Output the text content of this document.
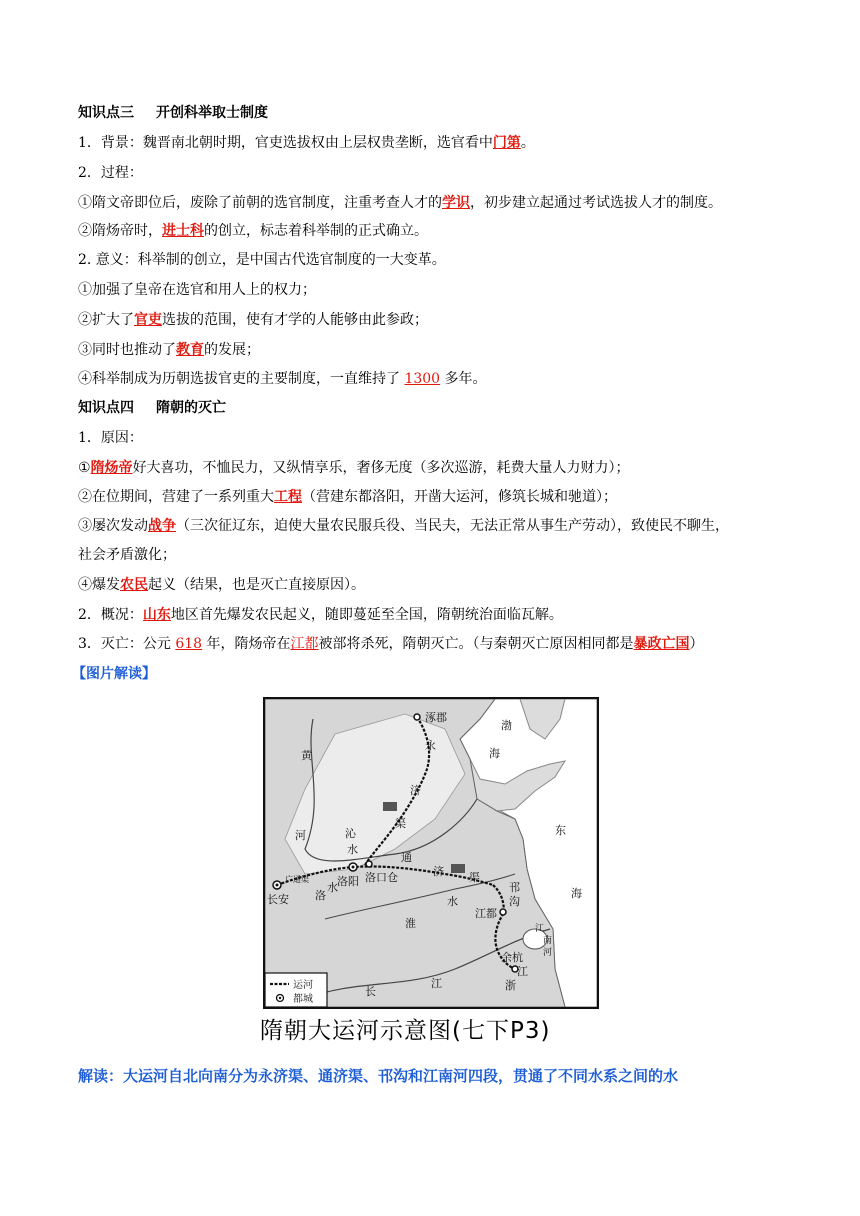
知识点三 开创科举取士制度
1．背景：魏晋南北朝时期，官吏选拔权由上层权贵垄断，选官看中门第。
2．过程：
①隋文帝即位后，废除了前朝的选官制度，注重考查人才的学识，初步建立起通过考试选拔人才的制度。
②隋炀帝时，进士科的创立，标志着科举制的正式确立。
2. 意义：科举制的创立，是中国古代选官制度的一大变革。
①加强了皇帝在选官和用人上的权力；
②扩大了官吏选拔的范围，使有才学的人能够由此参政；
③同时也推动了教育的发展；
④科举制成为历朝选拔官吏的主要制度，一直维持了 1300 多年。
知识点四 隋朝的灭亡
1．原因：
①隋炀帝好大喜功，不恤民力，又纵情享乐，奢侈无度（多次巡游，耗费大量人力财力）；
②在位期间，营建了一系列重大工程（营建东都洛阳，开凿大运河，修筑长城和驰道）；
③屡次发动战争（三次征辽东，迫使大量农民服兵役、当民夫，无法正常从事生产劳动），致使民不聊生，
社会矛盾激化；
④爆发农民起义（结果，也是灭亡直接原因）。
2．概况：山东地区首先爆发农民起义，随即蔓延至全国，隋朝统治面临瓦解。
3．灭亡：公元 618 年，隋炀帝在江都被部将杀死，隋朝灭亡。（与秦朝灭亡原因相同都是暴政亡国）
【图片解读】
涿郡
渤
海
黄
河
永
济
渠
东
沁
水
通
济 渠
广通渠	洛阳 洛口仓
长安 洛
水	邗
沟
海
淮
水
江都
江
南
河
余杭
江
浙
长
江
运河
都城
隋朝大运河示意图(七下P3)
解读：大运河自北向南分为永济渠、通济渠、邗沟和江南河四段，贯通了不同水系之间的水
